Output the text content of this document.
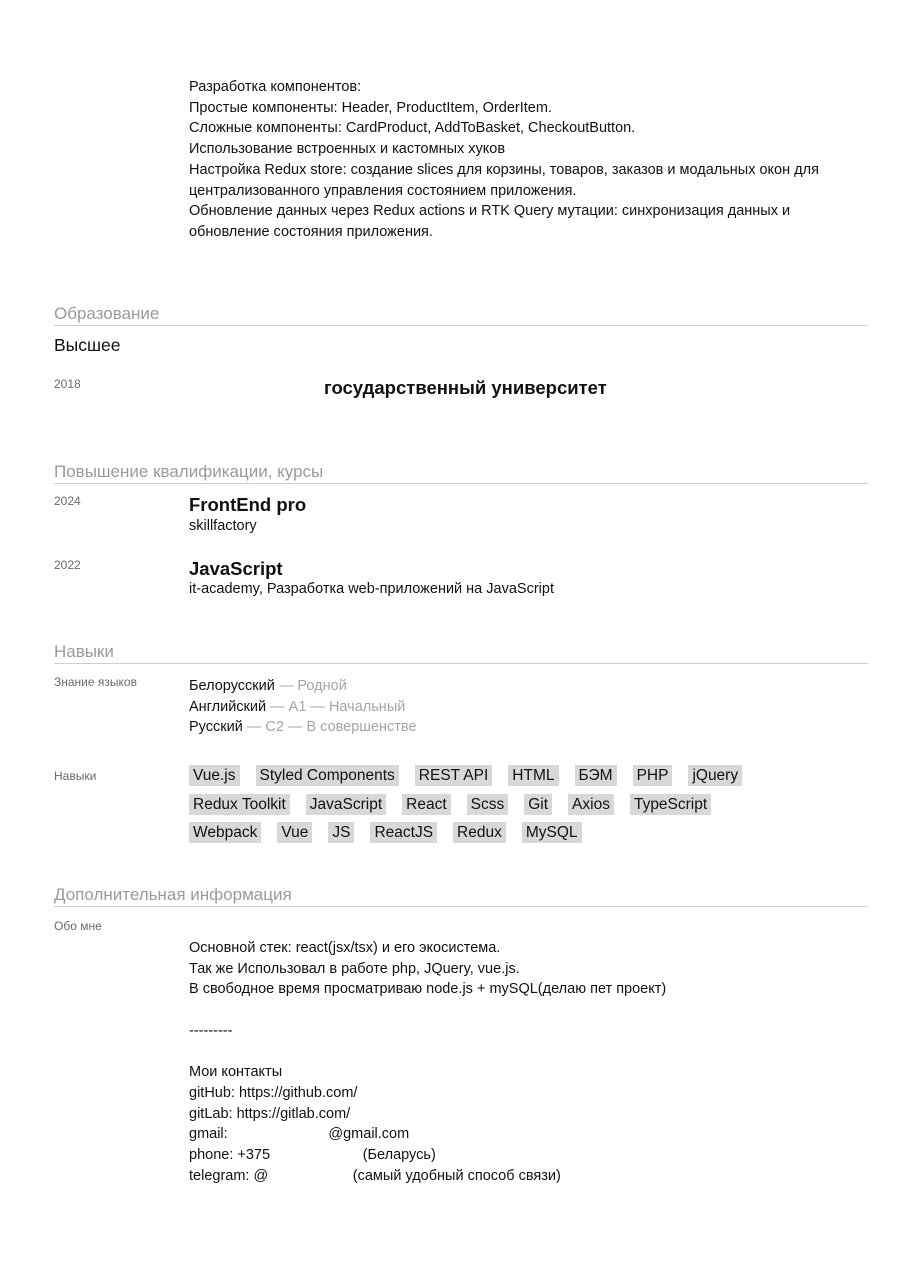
Разработка компонентов:
Простые компоненты: Header, ProductItem, OrderItem.
Сложные компоненты: CardProduct, AddToBasket, CheckoutButton.
Использование встроенных и кастомных хуков
Настройка Redux store: создание slices для корзины, товаров, заказов и модальных окон для
централизованного управления состоянием приложения.
Обновление данных через Redux actions и RTK Query мутации: синхронизация данных и
обновление состояния приложения.
Образование
Высшее
2018	государственный университет
Повышение квалификации, курсы
2024	FrontEnd pro
skillfactory
2022	JavaScript
it-academy, Разработка web-приложений на JavaScript
Навыки
Знание языков	Белорусский — Родной
Английский — A1 — Начальный
Русский — C2 — В совершенстве
Навыки	Vue.js Styled Components REST API HTML БЭМ PHP jQuery
Redux Toolkit JavaScript React Scss Git Axios TypeScript
Webpack Vue JS ReactJS Redux MySQL
Дополнительная информация
Обо мне
Основной стек: react(jsx/tsx) и его экосистема.
Так же Использовал в работе php, JQuery, vue.js.
В свободное время просматриваю node.js + mySQL(делаю пет проект)
---------
Мои контакты
gitHub: https://github.com/
gitLab: https://gitlab.com/
gmail:                         @gmail.com
phone: +375                       (Беларусь)
telegram: @                     (самый удобный способ связи)
